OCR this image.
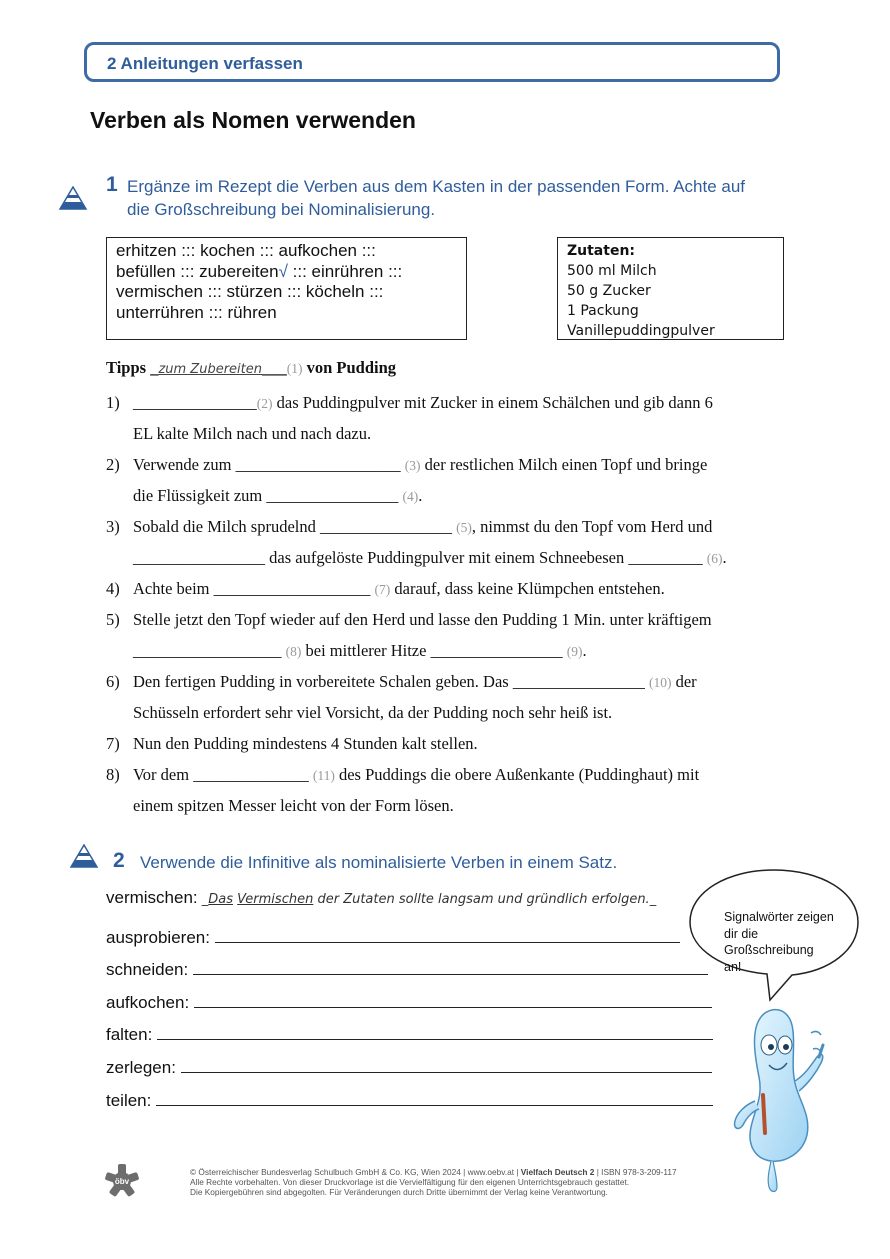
2 Anleitungen verfassen
Verben als Nomen verwenden
1 Ergänze im Rezept die Verben aus dem Kasten in der passenden Form. Achte auf
die Großschreibung bei Nominalisierung.
erhitzen ::: kochen ::: aufkochen :::
befüllen ::: zubereiten√ ::: einrühren :::
vermischen ::: stürzen ::: köcheln :::
unterrühren ::: rühren
Zutaten:
500 ml Milch
50 g Zucker
1 Packung
Vanillepuddingpulver
Tipps _zum Zubereiten___(1) von Pudding
1) _______________(2) das Puddingpulver mit Zucker in einem Schälchen und gib dann 6
EL kalte Milch nach und nach dazu.
2) Verwende zum ____________________ (3) der restlichen Milch einen Topf und bringe
die Flüssigkeit zum ________________ (4).
3) Sobald die Milch sprudelnd ________________ (5), nimmst du den Topf vom Herd und
________________ das aufgelöste Puddingpulver mit einem Schneebesen _________ (6).
4) Achte beim ___________________ (7) darauf, dass keine Klümpchen entstehen.
5) Stelle jetzt den Topf wieder auf den Herd und lasse den Pudding 1 Min. unter kräftigem
__________________ (8) bei mittlerer Hitze ________________ (9).
6) Den fertigen Pudding in vorbereitete Schalen geben. Das ________________ (10) der
Schüsseln erfordert sehr viel Vorsicht, da der Pudding noch sehr heiß ist.
7) Nun den Pudding mindestens 4 Stunden kalt stellen.
8) Vor dem ______________ (11) des Puddings die obere Außenkante (Puddinghaut) mit
einem spitzen Messer leicht von der Form lösen.
2 Verwende die Infinitive als nominalisierte Verben in einem Satz.
vermischen: _Das Vermischen der Zutaten sollte langsam und gründlich erfolgen._
ausprobieren:
schneiden:
aufkochen:
falten:
zerlegen:
teilen:
Signalwörter zeigen dir die Großschreibung an!
öbv
© Österreichischer Bundesverlag Schulbuch GmbH & Co. KG, Wien 2024 | www.oebv.at | Vielfach Deutsch 2 | ISBN 978-3-209-117
Alle Rechte vorbehalten. Von dieser Druckvorlage ist die Vervielfältigung für den eigenen Unterrichtsgebrauch gestattet.
Die Kopiergebühren sind abgegolten. Für Veränderungen durch Dritte übernimmt der Verlag keine Verantwortung.
